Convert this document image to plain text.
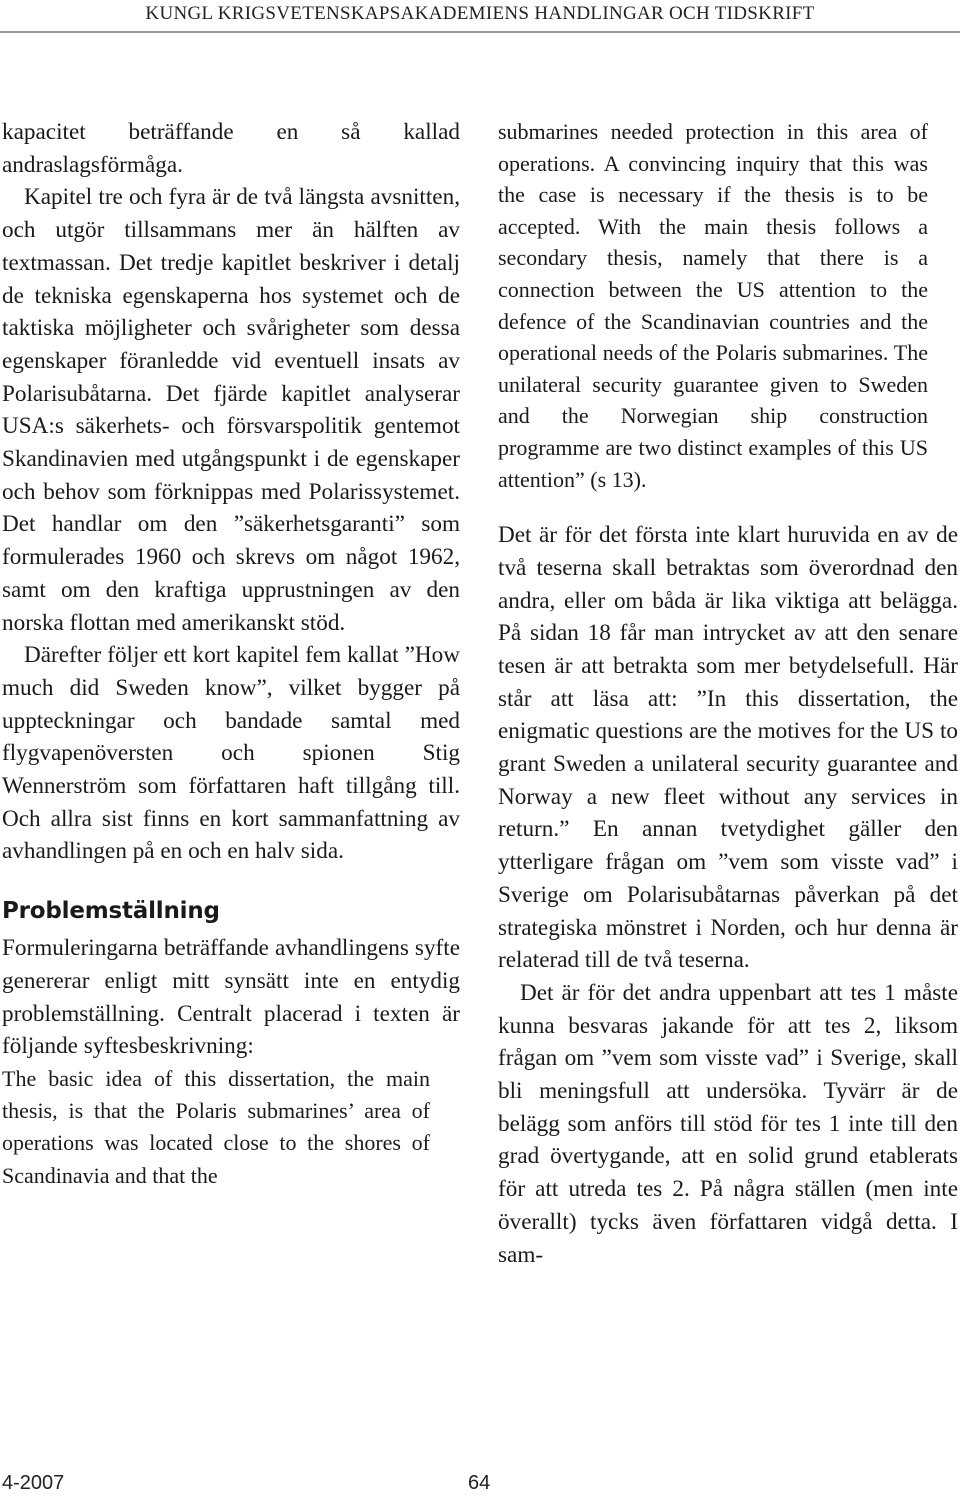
KUNGL KRIGSVETENSKAPSAKADEMIENS HANDLINGAR OCH TIDSKRIFT

kapacitet beträffande en så kallad andraslagsförmåga.

Kapitel tre och fyra är de två längsta avsnitten, och utgör tillsammans mer än hälften av textmassan. Det tredje kapitlet beskriver i detalj de tekniska egenskaperna hos systemet och de taktiska möjligheter och svårigheter som dessa egenskaper föranledde vid eventuell insats av Polarisubåtarna. Det fjärde kapitlet analyserar USA:s säkerhets- och försvarspolitik gentemot Skandinavien med utgångspunkt i de egenskaper och behov som förknippas med Polarissystemet. Det handlar om den ”säkerhetsgaranti” som formulerades 1960 och skrevs om något 1962, samt om den kraftiga upprustningen av den norska flottan med amerikanskt stöd.

Därefter följer ett kort kapitel fem kallat ”How much did Sweden know”, vilket bygger på uppteckningar och bandade samtal med flygvapenöversten och spionen Stig Wennerström som författaren haft tillgång till. Och allra sist finns en kort sammanfattning av avhandlingen på en och en halv sida.

Problemställning

Formuleringarna beträffande avhandlingens syfte genererar enligt mitt synsätt inte en entydig problemställning. Centralt placerad i texten är följande syftesbeskrivning:

The basic idea of this dissertation, the main thesis, is that the Polaris submarines’ area of operations was located close to the shores of Scandinavia and that the

submarines needed protection in this area of operations. A convincing inquiry that this was the case is necessary if the thesis is to be accepted. With the main thesis follows a secondary thesis, namely that there is a connection between the US attention to the defence of the Scandinavian countries and the operational needs of the Polaris submarines. The unilateral security guarantee given to Sweden and the Norwegian ship construction programme are two distinct examples of this US attention” (s 13).

Det är för det första inte klart huruvida en av de två teserna skall betraktas som överordnad den andra, eller om båda är lika viktiga att belägga. På sidan 18 får man intrycket av att den senare tesen är att betrakta som mer betydelsefull. Här står att läsa att: ”In this dissertation, the enigmatic questions are the motives for the US to grant Sweden a unilateral security guarantee and Norway a new fleet without any services in return.” En annan tvetydighet gäller den ytterligare frågan om ”vem som visste vad” i Sverige om Polarisubåtarnas påverkan på det strategiska mönstret i Norden, och hur denna är relaterad till de två teserna.

Det är för det andra uppenbart att tes 1 måste kunna besvaras jakande för att tes 2, liksom frågan om ”vem som visste vad” i Sverige, skall bli meningsfull att undersöka. Tyvärr är de belägg som anförs till stöd för tes 1 inte till den grad övertygande, att en solid grund etablerats för att utreda tes 2. På några ställen (men inte överallt) tycks även författaren vidgå detta. I sam-

4-2007	64
